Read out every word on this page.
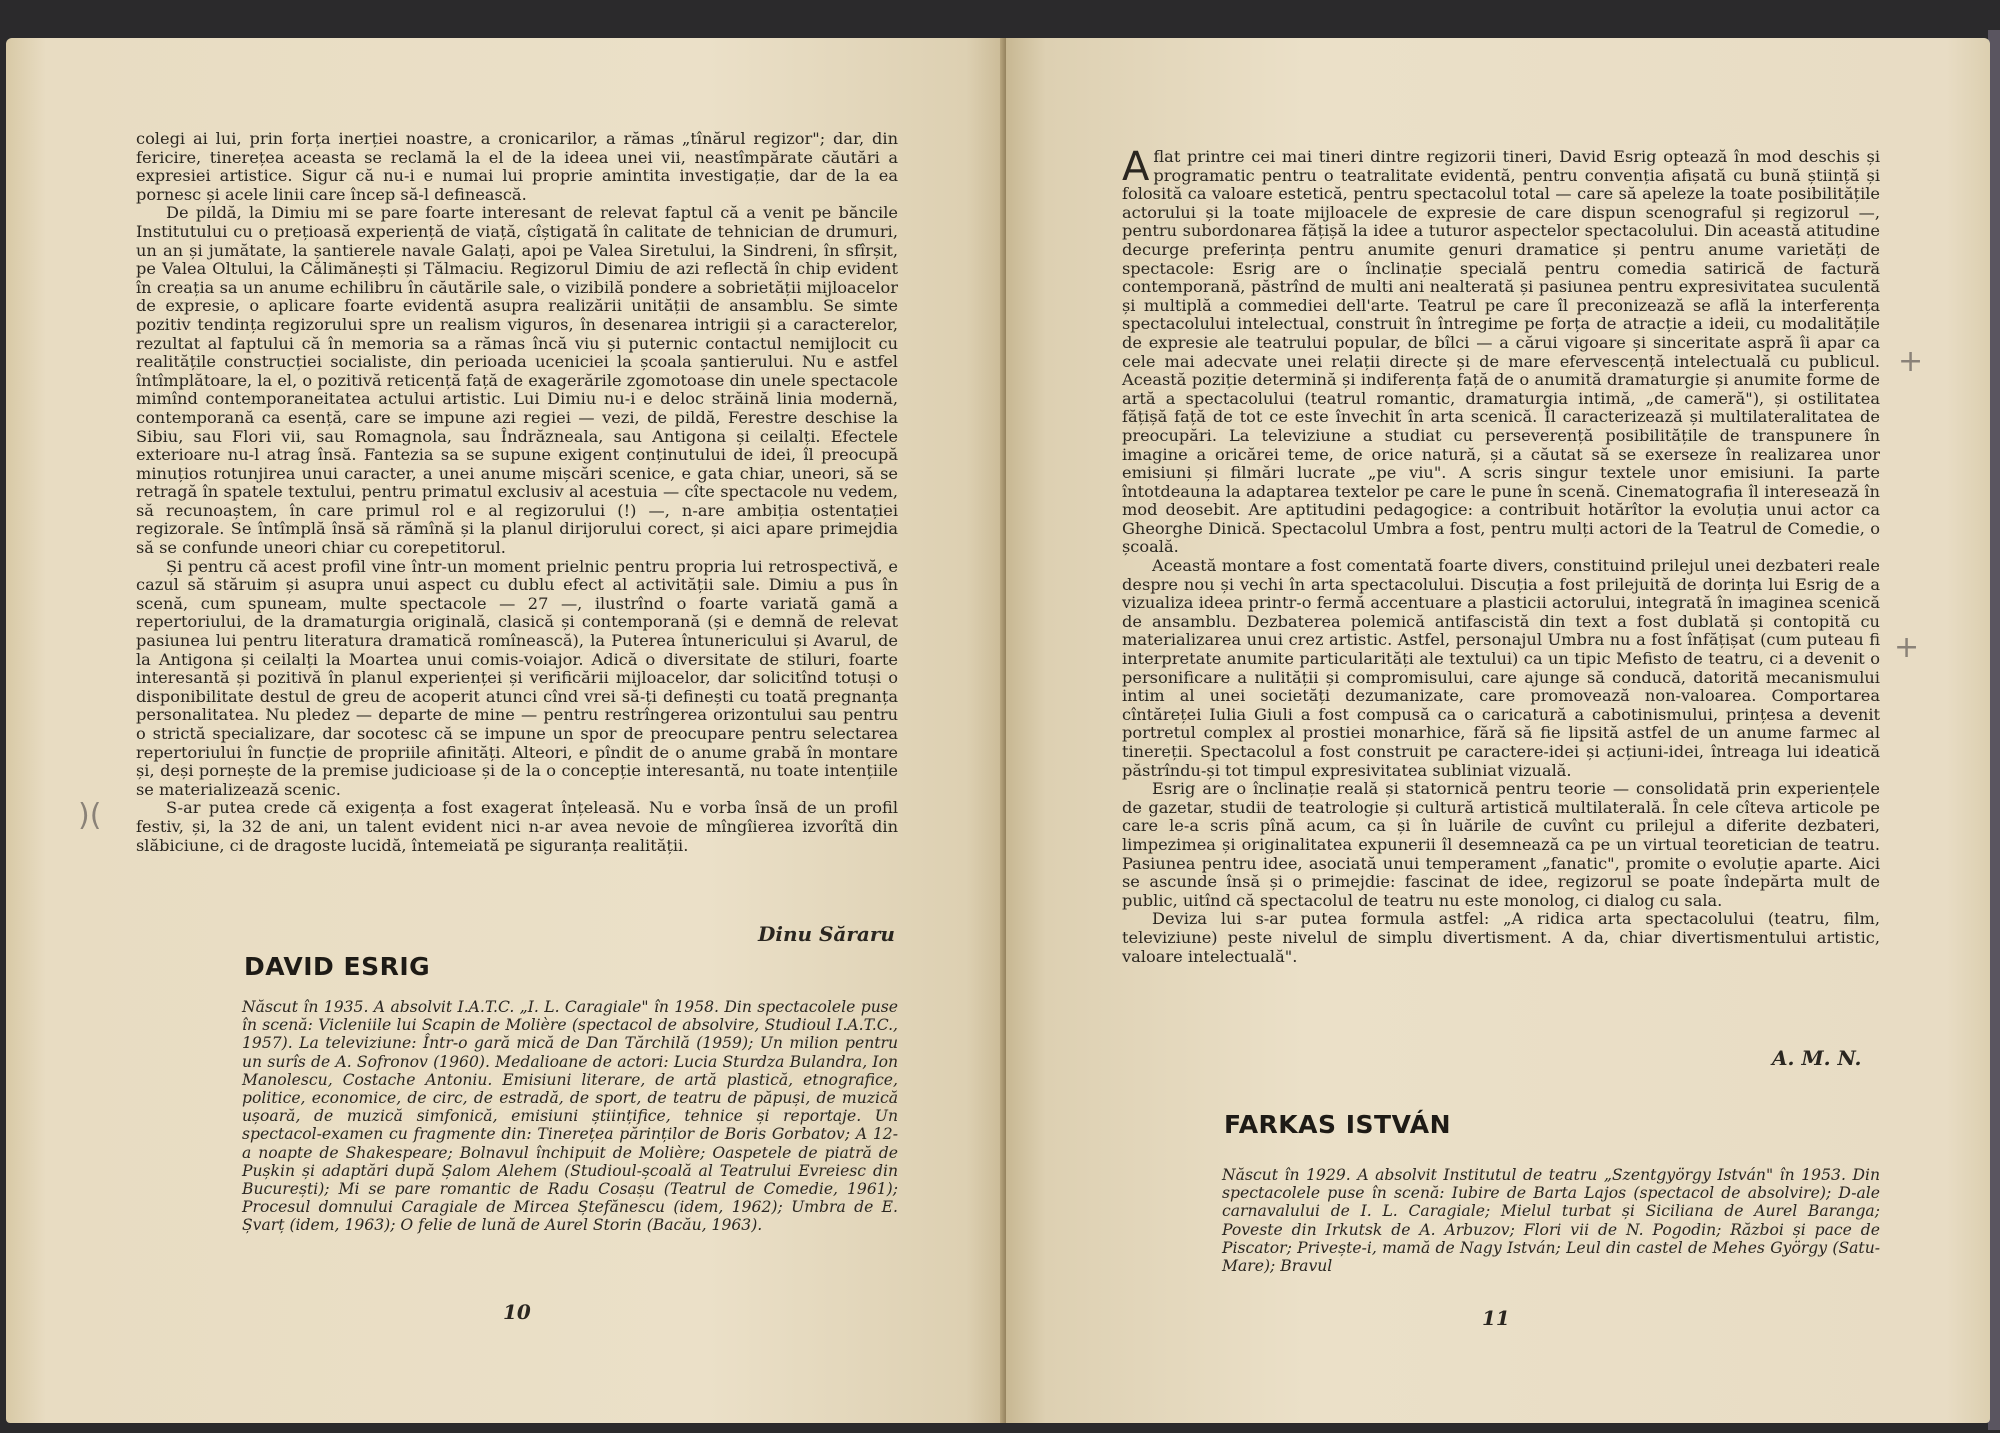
colegi ai lui, prin forța inerției noastre, a cronicarilor, a rămas „tînărul regizor"; dar, din fericire, tinerețea aceasta se reclamă la el de la ideea unei vii, neastîmpărate căutări a expresiei artistice. Sigur că nu-i e numai lui proprie amintita investigație, dar de la ea pornesc și acele linii care încep să-l definească.

De pildă, la Dimiu mi se pare foarte interesant de relevat faptul că a venit pe băncile Institutului cu o prețioasă experiență de viață, cîștigată în calitate de tehnician de drumuri, un an și jumătate, la șantierele navale Galați, apoi pe Valea Siretului, la Sindreni, în sfîrșit, pe Valea Oltului, la Călimănești și Tălmaciu. Regizorul Dimiu de azi reflectă în chip evident în creația sa un anume echilibru în căutările sale, o vizibilă pondere a sobrietății mijloacelor de expresie, o aplicare foarte evidentă asupra realizării unității de ansamblu. Se simte pozitiv tendința regizorului spre un realism viguros, în desenarea intrigii și a caracterelor, rezultat al faptului că în memoria sa a rămas încă viu și puternic contactul nemijlocit cu realitățile construcției socialiste, din perioada uceniciei la școala șantierului. Nu e astfel întîmplătoare, la el, o pozitivă reticență față de exagerările zgomotoase din unele spectacole mimînd contemporaneitatea actului artistic. Lui Dimiu nu-i e deloc străină linia modernă, contemporană ca esență, care se impune azi regiei — vezi, de pildă, Ferestre deschise la Sibiu, sau Flori vii, sau Romagnola, sau Îndrăzneala, sau Antigona și ceilalți. Efectele exterioare nu-l atrag însă. Fantezia sa se supune exigent conținutului de idei, îl preocupă minuțios rotunjirea unui caracter, a unei anume mișcări scenice, e gata chiar, uneori, să se retragă în spatele textului, pentru primatul exclusiv al acestuia — cîte spectacole nu vedem, să recunoaștem, în care primul rol e al regizorului (!) —, n-are ambiția ostentației regizorale. Se întîmplă însă să rămînă și la planul dirijorului corect, și aici apare primejdia să se confunde uneori chiar cu corepetitorul.

Și pentru că acest profil vine într-un moment prielnic pentru propria lui retrospectivă, e cazul să stăruim și asupra unui aspect cu dublu efect al activității sale. Dimiu a pus în scenă, cum spuneam, multe spectacole — 27 —, ilustrînd o foarte variată gamă a repertoriului, de la dramaturgia originală, clasică și contemporană (și e demnă de relevat pasiunea lui pentru literatura dramatică romînească), la Puterea întunericului și Avarul, de la Antigona și ceilalți la Moartea unui comis-voiajor. Adică o diversitate de stiluri, foarte interesantă și pozitivă în planul experienței și verificării mijloacelor, dar solicitînd totuși o disponibilitate destul de greu de acoperit atunci cînd vrei să-ți definești cu toată pregnanța personalitatea. Nu pledez — departe de mine — pentru restrîngerea orizontului sau pentru o strictă specializare, dar socotesc că se impune un spor de preocupare pentru selectarea repertoriului în funcție de propriile afinități. Alteori, e pîndit de o anume grabă în montare și, deși pornește de la premise judicioase și de la o concepție interesantă, nu toate intențiile se materializează scenic.

S-ar putea crede că exigența a fost exagerat înțeleasă. Nu e vorba însă de un profil festiv, și, la 32 de ani, un talent evident nici n-ar avea nevoie de mîngîierea izvorîtă din slăbiciune, ci de dragoste lucidă, întemeiată pe siguranța realității.

Dinu Săraru
DAVID ESRIG
Născut în 1935. A absolvit I.A.T.C. „I. L. Caragiale" în 1958. Din spectacolele puse în scenă: Vicleniile lui Scapin de Molière (spectacol de absolvire, Studioul I.A.T.C., 1957). La televiziune: Într-o gară mică de Dan Tărchilă (1959); Un milion pentru un surîs de A. Sofronov (1960). Medalioane de actori: Lucia Sturdza Bulandra, Ion Manolescu, Costache Antoniu. Emisiuni literare, de artă plastică, etnografice, politice, economice, de circ, de estradă, de sport, de teatru de păpuși, de muzică ușoară, de muzică simfonică, emisiuni științifice, tehnice și reportaje. Un spectacol-examen cu fragmente din: Tinerețea părinților de Boris Gorbatov; A 12-a noapte de Shakespeare; Bolnavul închipuit de Molière; Oaspetele de piatră de Pușkin și adaptări după Șalom Alehem (Studioul-școală al Teatrului Evreiesc din București); Mi se pare romantic de Radu Cosașu (Teatrul de Comedie, 1961); Procesul domnului Caragiale de Mircea Ștefănescu (idem, 1962); Umbra de E. Șvarț (idem, 1963); O felie de lună de Aurel Storin (Bacău, 1963).
10
)(

Aflat printre cei mai tineri dintre regizorii tineri, David Esrig optează în mod deschis și programatic pentru o teatralitate evidentă, pentru convenția afișată cu bună știință și folosită ca valoare estetică, pentru spectacolul total — care să apeleze la toate posibilitățile actorului și la toate mijloacele de expresie de care dispun scenograful și regizorul —, pentru subordonarea fățișă la idee a tuturor aspectelor spectacolului. Din această atitudine decurge preferința pentru anumite genuri dramatice și pentru anume varietăți de spectacole: Esrig are o înclinație specială pentru comedia satirică de factură contemporană, păstrînd de multi ani nealterată și pasiunea pentru expresivitatea suculentă și multiplă a commediei dell'arte. Teatrul pe care îl preconizează se află la interferența spectacolului intelectual, construit în întregime pe forța de atracție a ideii, cu modalitățile de expresie ale teatrului popular, de bîlci — a cărui vigoare și sinceritate aspră îi apar ca cele mai adecvate unei relații directe și de mare efervescență intelectuală cu publicul. Această poziție determină și indiferența față de o anumită dramaturgie și anumite forme de artă a spectacolului (teatrul romantic, dramaturgia intimă, „de cameră"), și ostilitatea fățișă față de tot ce este învechit în arta scenică. Îl caracterizează și multilateralitatea de preocupări. La televiziune a studiat cu perseverență posibilitățile de transpunere în imagine a oricărei teme, de orice natură, și a căutat să se exerseze în realizarea unor emisiuni și filmări lucrate „pe viu". A scris singur textele unor emisiuni. Ia parte întotdeauna la adaptarea textelor pe care le pune în scenă. Cinematografia îl interesează în mod deosebit. Are aptitudini pedagogice: a contribuit hotărîtor la evoluția unui actor ca Gheorghe Dinică. Spectacolul Umbra a fost, pentru mulți actori de la Teatrul de Comedie, o școală.

Această montare a fost comentată foarte divers, constituind prilejul unei dezbateri reale despre nou și vechi în arta spectacolului. Discuția a fost prilejuită de dorința lui Esrig de a vizualiza ideea printr-o fermă accentuare a plasticii actorului, integrată în imaginea scenică de ansamblu. Dezbaterea polemică antifascistă din text a fost dublată și contopită cu materializarea unui crez artistic. Astfel, personajul Umbra nu a fost înfățișat (cum puteau fi interpretate anumite particularități ale textului) ca un tipic Mefisto de teatru, ci a devenit o personificare a nulității și compromisului, care ajunge să conducă, datorită mecanismului intim al unei societăți dezumanizate, care promovează non-valoarea. Comportarea cîntăreței Iulia Giuli a fost compusă ca o caricatură a cabotinismului, prințesa a devenit portretul complex al prostiei monarhice, fără să fie lipsită astfel de un anume farmec al tinereții. Spectacolul a fost construit pe caractere-idei și acțiuni-idei, întreaga lui ideatică păstrîndu-și tot timpul expresivitatea subliniat vizuală.

Esrig are o înclinație reală și statornică pentru teorie — consolidată prin experiențele de gazetar, studii de teatrologie și cultură artistică multilaterală. În cele cîteva articole pe care le-a scris pînă acum, ca și în luările de cuvînt cu prilejul a diferite dezbateri, limpezimea și originalitatea expunerii îl desemnează ca pe un virtual teoretician de teatru. Pasiunea pentru idee, asociată unui temperament „fanatic", promite o evoluție aparte. Aici se ascunde însă și o primejdie: fascinat de idee, regizorul se poate îndepărta mult de public, uitînd că spectacolul de teatru nu este monolog, ci dialog cu sala.

Deviza lui s-ar putea formula astfel: „A ridica arta spectacolului (teatru, film, televiziune) peste nivelul de simplu divertisment. A da, chiar divertismentului artistic, valoare intelectuală".

A. M. N.
FARKAS ISTVÁN
Născut în 1929. A absolvit Institutul de teatru „Szentgyörgy István" în 1953. Din spectacolele puse în scenă: Iubire de Barta Lajos (spectacol de absolvire); D-ale carnavalului de I. L. Caragiale; Mielul turbat și Siciliana de Aurel Baranga; Poveste din Irkutsk de A. Arbuzov; Flori vii de N. Pogodin; Război și pace de Piscator; Privește-i, mamă de Nagy István; Leul din castel de Mehes György (Satu-Mare); Bravul
11
+
+
